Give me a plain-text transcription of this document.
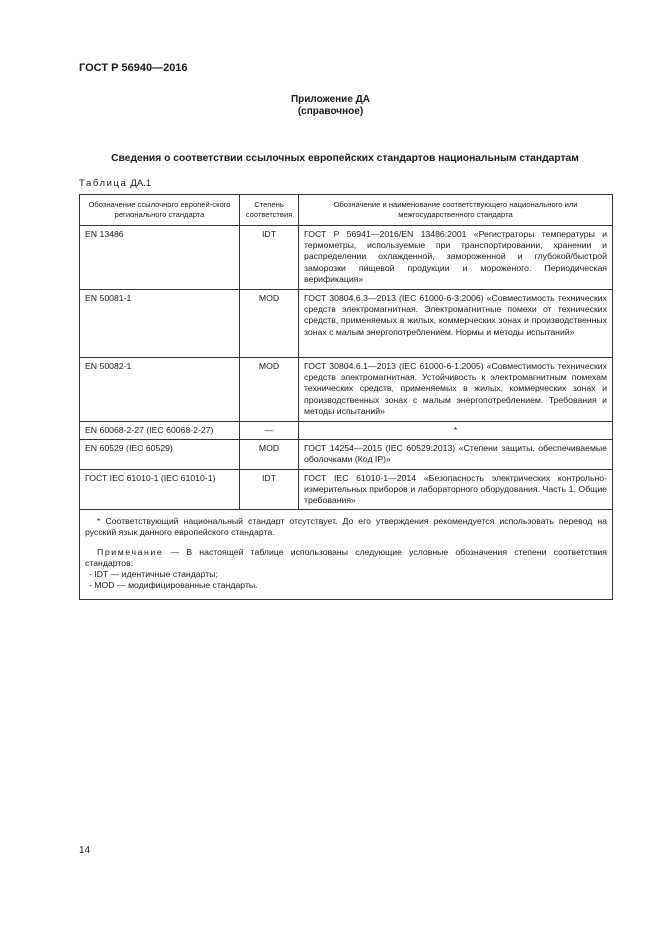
ГОСТ Р 56940—2016
Приложение ДА
(справочное)
Сведения о соответствии ссылочных европейских стандартов национальным стандартам
Таблица ДА.1
Обозначение ссылочного европей-ского регионального стандарта	Степень соответствия	Обозначение и наименование соответствующего национального или межгосударственного стандарта
EN 13486	IDT	ГОСТ Р 56941—2016/EN 13486:2001 «Регистраторы температуры и термометры, используемые при транспортировании, хранении и распределении охлажденной, замороженной и глубокой/быстрой заморозки пищевой продукции и мороженого. Периодическая верификация»
EN 50081-1	MOD	ГОСТ 30804.6.3—2013 (IEC 61000-6-3:2006) «Совместимость технических средств электромагнитная. Электромагнитные помехи от технических средств, применяемых в жилых, коммерческих зонах и производственных зонах с малым энергопотреблением. Нормы и методы испытаний»
EN 50082-1	MOD	ГОСТ 30804.6.1—2013 (IEC 61000-6-1:2005) «Совместимость технических средств электромагнитная. Устойчивость к электромагнитным помехам технических средств, применяемых в жилых, коммерческих зонах и производственных зонах с малым энергопотреблением. Требования и методы испытаний»
EN 60068-2-27 (IEC 60068-2-27)	—	*
EN 60529 (IEC 60529)	MOD	ГОСТ 14254—2015 (IEC 60529:2013) «Степени защиты, обеспечиваемые оболочками (Код IP)»
ГОСТ IEC 61010-1 (IEC 61010-1)	IDT	ГОСТ IEC 61010-1—2014 «Безопасность электрических контрольно-измерительных приборов и лабораторного оборудования. Часть 1. Общие требования»

* Соответствующий национальный стандарт отсутствует. До его утверждения рекомендуется использовать перевод на русский язык данного европейского стандарта.

Примечание — В настоящей таблице использованы следующие условные обозначения степени соответствия стандартов:

- IDT — идентичные стандарты;

- MOD — модифицированные стандарты.		

14
